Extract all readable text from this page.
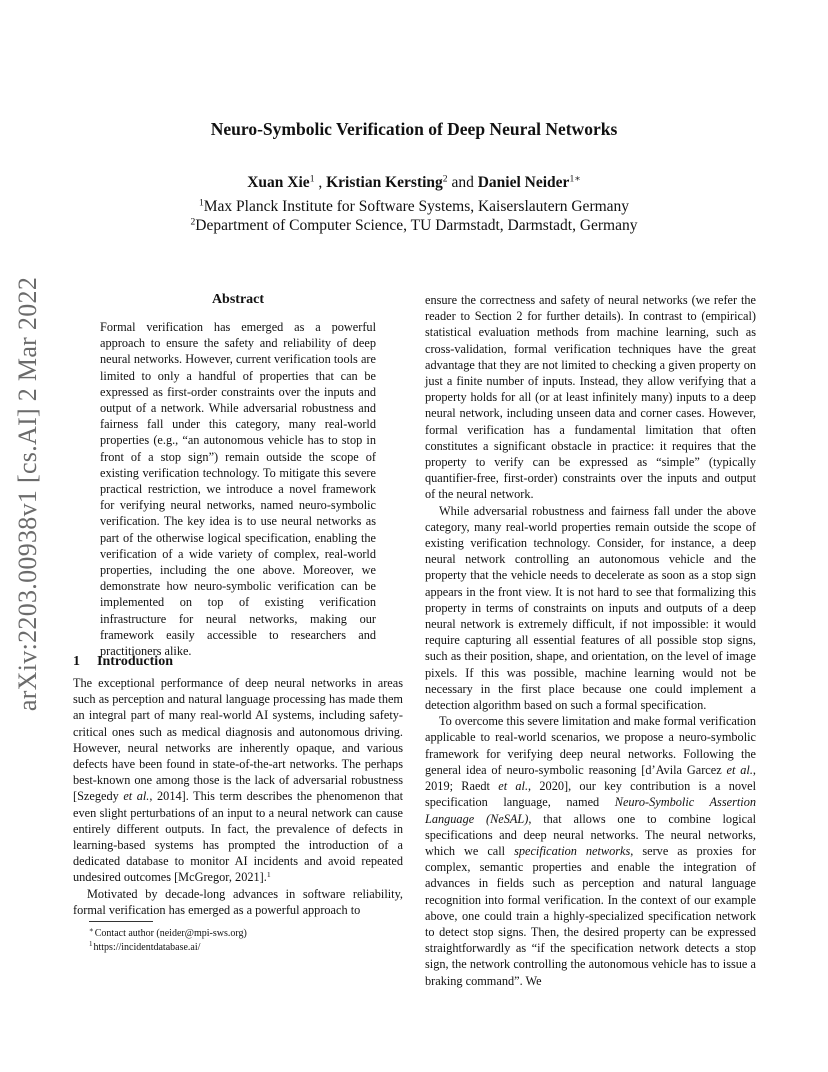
arXiv:2203.00938v1 [cs.AI] 2 Mar 2022
Neuro-Symbolic Verification of Deep Neural Networks
Xuan Xie$^1$ , Kristian Kersting$^2$ and Daniel Neider$^{1∗}$
$^1$Max Planck Institute for Software Systems, Kaiserslautern Germany
$^2$Department of Computer Science, TU Darmstadt, Darmstadt, Germany
Abstract
Formal verification has emerged as a powerful approach to ensure the safety and reliability of deep neural networks. However, current verification tools are limited to only a handful of properties that can be expressed as first-order constraints over the inputs and output of a network. While adversarial robustness and fairness fall under this category, many real-world properties (e.g., “an autonomous vehicle has to stop in front of a stop sign”) remain outside the scope of existing verification technology. To mitigate this severe practical restriction, we introduce a novel framework for verifying neural networks, named neuro-symbolic verification. The key idea is to use neural networks as part of the otherwise logical specification, enabling the verification of a wide variety of complex, real-world properties, including the one above. Moreover, we demonstrate how neuro-symbolic verification can be implemented on top of existing verification infrastructure for neural networks, making our framework easily accessible to researchers and practitioners alike.
1 Introduction

The exceptional performance of deep neural networks in areas such as perception and natural language processing has made them an integral part of many real-world AI systems, including safety-critical ones such as medical diagnosis and autonomous driving. However, neural networks are inherently opaque, and various defects have been found in state-of-the-art networks. The perhaps best-known one among those is the lack of adversarial robustness [Szegedy et al., 2014]. This term describes the phenomenon that even slight perturbations of an input to a neural network can cause entirely different outputs. In fact, the prevalence of defects in learning-based systems has prompted the introduction of a dedicated database to monitor AI incidents and avoid repeated undesired outcomes [McGregor, 2021].$^1$

Motivated by decade-long advances in software reliability, formal verification has emerged as a powerful approach to

ensure the correctness and safety of neural networks (we refer the reader to Section 2 for further details). In contrast to (empirical) statistical evaluation methods from machine learning, such as cross-validation, formal verification techniques have the great advantage that they are not limited to checking a given property on just a finite number of inputs. Instead, they allow verifying that a property holds for all (or at least infinitely many) inputs to a deep neural network, including unseen data and corner cases. However, formal verification has a fundamental limitation that often constitutes a significant obstacle in practice: it requires that the property to verify can be expressed as “simple” (typically quantifier-free, first-order) constraints over the inputs and output of the neural network.

While adversarial robustness and fairness fall under the above category, many real-world properties remain outside the scope of existing verification technology. Consider, for instance, a deep neural network controlling an autonomous vehicle and the property that the vehicle needs to decelerate as soon as a stop sign appears in the front view. It is not hard to see that formalizing this property in terms of constraints on inputs and outputs of a deep neural network is extremely difficult, if not impossible: it would require capturing all essential features of all possible stop signs, such as their position, shape, and orientation, on the level of image pixels. If this was possible, machine learning would not be necessary in the first place because one could implement a detection algorithm based on such a formal specification.

To overcome this severe limitation and make formal verification applicable to real-world scenarios, we propose a neuro-symbolic framework for verifying deep neural networks. Following the general idea of neuro-symbolic reasoning [d’Avila Garcez et al., 2019; Raedt et al., 2020], our key contribution is a novel specification language, named Neuro-Symbolic Assertion Language (NeSAL), that allows one to combine logical specifications and deep neural networks. The neural networks, which we call specification networks, serve as proxies for complex, semantic properties and enable the integration of advances in fields such as perception and natural language recognition into formal verification. In the context of our example above, one could train a highly-specialized specification network to detect stop signs. Then, the desired property can be expressed straightforwardly as “if the specification network detects a stop sign, the network controlling the autonomous vehicle has to issue a braking command”. We

∗Contact author (neider@mpi-sws.org)
$^1$https://incidentdatabase.ai/
